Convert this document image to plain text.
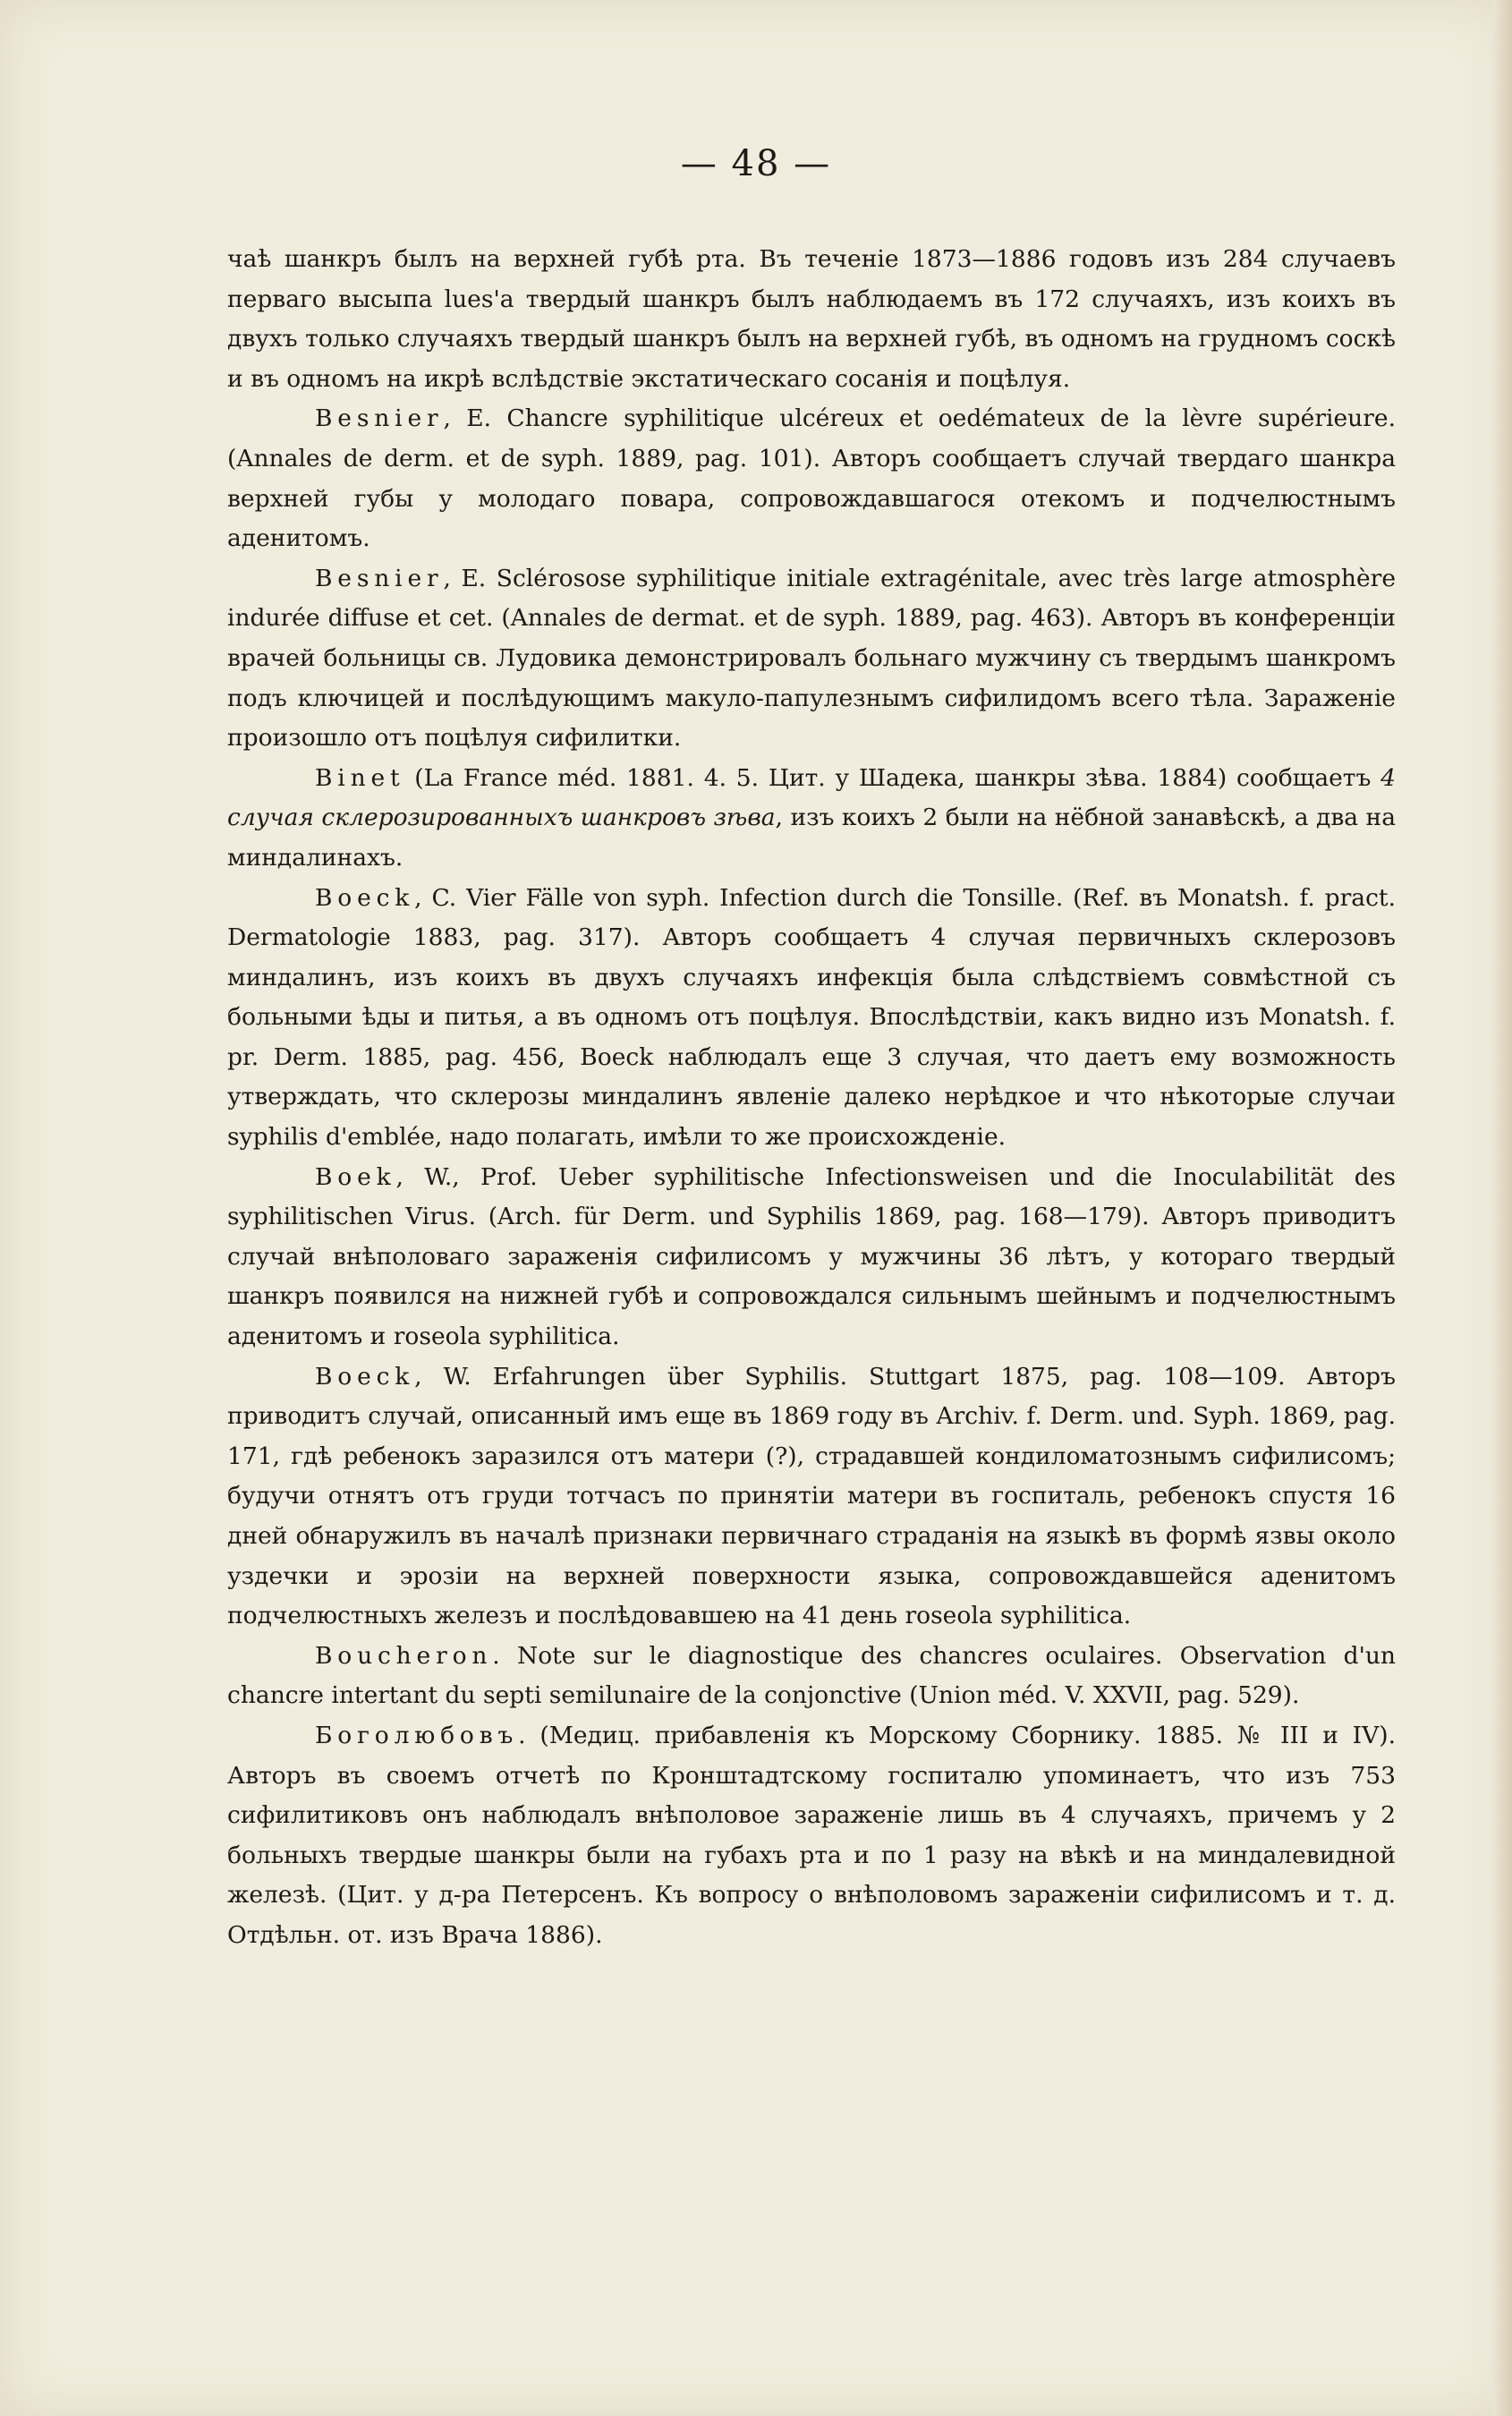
— 48 —

чаѣ шанкръ былъ на верхней губѣ рта. Въ теченіе 1873—1886 годовъ изъ 284 случаевъ перваго высыпа lues'a твердый шанкръ былъ наблюдаемъ въ 172 случаяхъ, изъ коихъ въ двухъ только случаяхъ твердый шанкръ былъ на верхней губѣ, въ одномъ на грудномъ соскѣ и въ одномъ на икрѣ вслѣдствіе экстатическаго сосанія и поцѣлуя.

Besnier, E. Chancre syphilitique ulcéreux et oedémateux de la lèvre supérieure. (Annales de derm. et de syph. 1889, pag. 101). Авторъ сообщаетъ случай твердаго шанкра верхней губы у молодаго повара, сопровождавшагося отекомъ и подчелюстнымъ аденитомъ.

Besnier, E. Sclérosose syphilitique initiale extragénitale, avec très large atmosphère indurée diffuse et cet. (Annales de dermat. et de syph. 1889, pag. 463). Авторъ въ конференціи врачей больницы св. Лудовика демонстрировалъ больнаго мужчину съ твердымъ шанкромъ подъ ключицей и послѣдующимъ макуло-папулезнымъ сифилидомъ всего тѣла. Зараженіе произошло отъ поцѣлуя сифилитки.

Binet (La France méd. 1881. 4. 5. Цит. у Шадека, шанкры зѣва. 1884) сообщаетъ 4 случая склерозированныхъ шанкровъ зѣва, изъ коихъ 2 были на нёбной занавѣскѣ, а два на миндалинахъ.

Boeck, C. Vier Fälle von syph. Infection durch die Tonsille. (Ref. въ Monatsh. f. pract. Dermatologie 1883, pag. 317). Авторъ сообщаетъ 4 случая первичныхъ склерозовъ миндалинъ, изъ коихъ въ двухъ случаяхъ инфекція была слѣдствіемъ совмѣстной съ больными ѣды и питья, а въ одномъ отъ поцѣлуя. Впослѣдствіи, какъ видно изъ Monatsh. f. pr. Derm. 1885, pag. 456, Boeck наблюдалъ еще 3 случая, что даетъ ему возможность утверждать, что склерозы миндалинъ явленіе далеко нерѣдкое и что нѣкоторые случаи syphilis d'emblée, надо полагать, имѣли то же происхожденіе.

Boek, W., Prof. Ueber syphilitische Infectionsweisen und die Inoculabilität des syphilitischen Virus. (Arch. für Derm. und Syphilis 1869, pag. 168—179). Авторъ приводитъ случай внѣполоваго зараженія сифилисомъ у мужчины 36 лѣтъ, у котораго твердый шанкръ появился на нижней губѣ и сопровождался сильнымъ шейнымъ и подчелюстнымъ аденитомъ и roseola syphilitica.

Boeck, W. Erfahrungen über Syphilis. Stuttgart 1875, pag. 108—109. Авторъ приводитъ случай, описанный имъ еще въ 1869 году въ Archiv. f. Derm. und. Syph. 1869, pag. 171, гдѣ ребенокъ заразился отъ матери (?), страдавшей кондиломатознымъ сифилисомъ; будучи отнятъ отъ груди тотчасъ по принятіи матери въ госпиталь, ребенокъ спустя 16 дней обнаружилъ въ началѣ признаки первичнаго страданія на языкѣ въ формѣ язвы около уздечки и эрозіи на верхней поверхности языка, сопровождавшейся аденитомъ подчелюстныхъ железъ и послѣдовавшею на 41 день roseola syphilitica.

Boucheron. Note sur le diagnostique des chancres oculaires. Observation d'un chancre intertant du septi semilunaire de la conjonctive (Union méd. V. XXVII, pag. 529).

Боголюбовъ. (Медиц. прибавленія къ Морскому Сборнику. 1885. № III и IV). Авторъ въ своемъ отчетѣ по Кронштадтскому госпиталю упоминаетъ, что изъ 753 сифилитиковъ онъ наблюдалъ внѣполовое зараженіе лишь въ 4 случаяхъ, причемъ у 2 больныхъ твердые шанкры были на губахъ рта и по 1 разу на вѣкѣ и на миндалевидной железѣ. (Цит. у д-ра Петерсенъ. Къ вопросу о внѣполовомъ зараженіи сифилисомъ и т. д. Отдѣльн. от. изъ Врача 1886).
